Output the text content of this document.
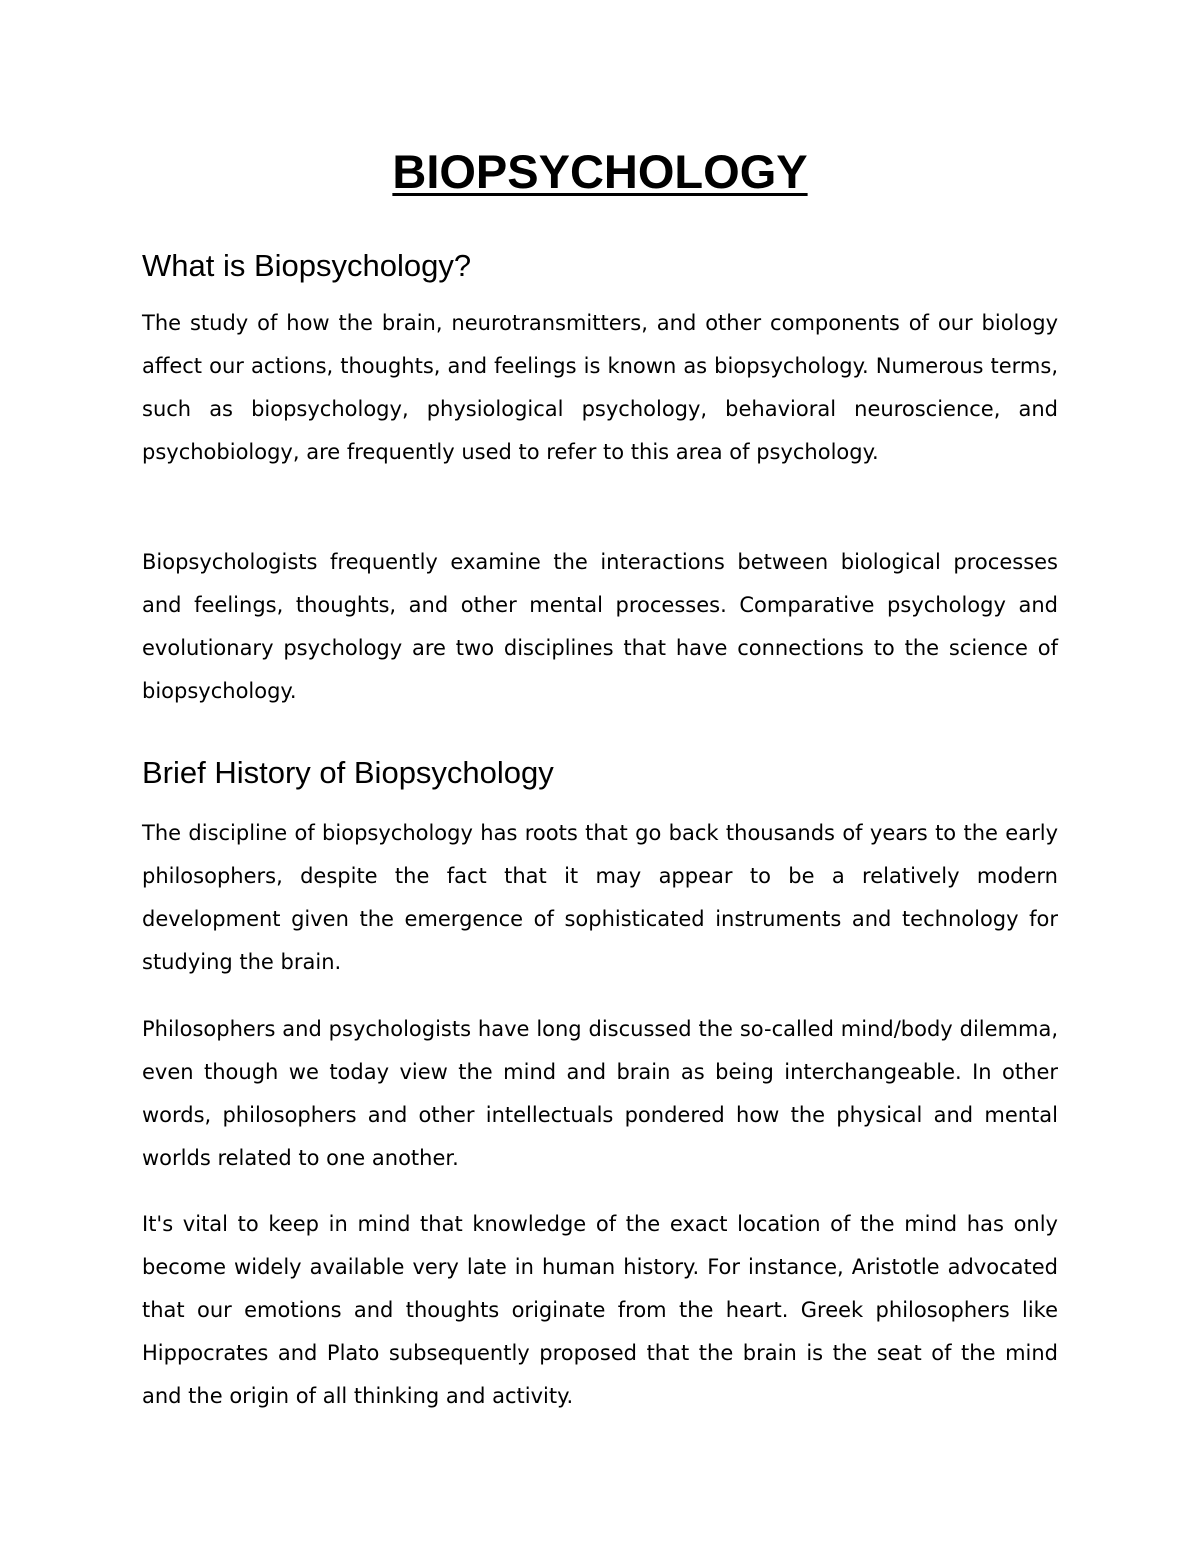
BIOPSYCHOLOGY
What is Biopsychology?

The study of how the brain, neurotransmitters, and other components of our biology affect our actions, thoughts, and feelings is known as biopsychology. Numerous terms, such as biopsychology, physiological psychology, behavioral neuroscience, and psychobiology, are frequently used to refer to this area of psychology.

Biopsychologists frequently examine the interactions between biological processes and feelings, thoughts, and other mental processes. Comparative psychology and evolutionary psychology are two disciplines that have connections to the science of biopsychology.

Brief History of Biopsychology

The discipline of biopsychology has roots that go back thousands of years to the early philosophers, despite the fact that it may appear to be a relatively modern development given the emergence of sophisticated instruments and technology for studying the brain.

Philosophers and psychologists have long discussed the so-called mind/body dilemma, even though we today view the mind and brain as being interchangeable. In other words, philosophers and other intellectuals pondered how the physical and mental worlds related to one another.

It's vital to keep in mind that knowledge of the exact location of the mind has only become widely available very late in human history. For instance, Aristotle advocated that our emotions and thoughts originate from the heart. Greek philosophers like Hippocrates and Plato subsequently proposed that the brain is the seat of the mind and the origin of all thinking and activity.
